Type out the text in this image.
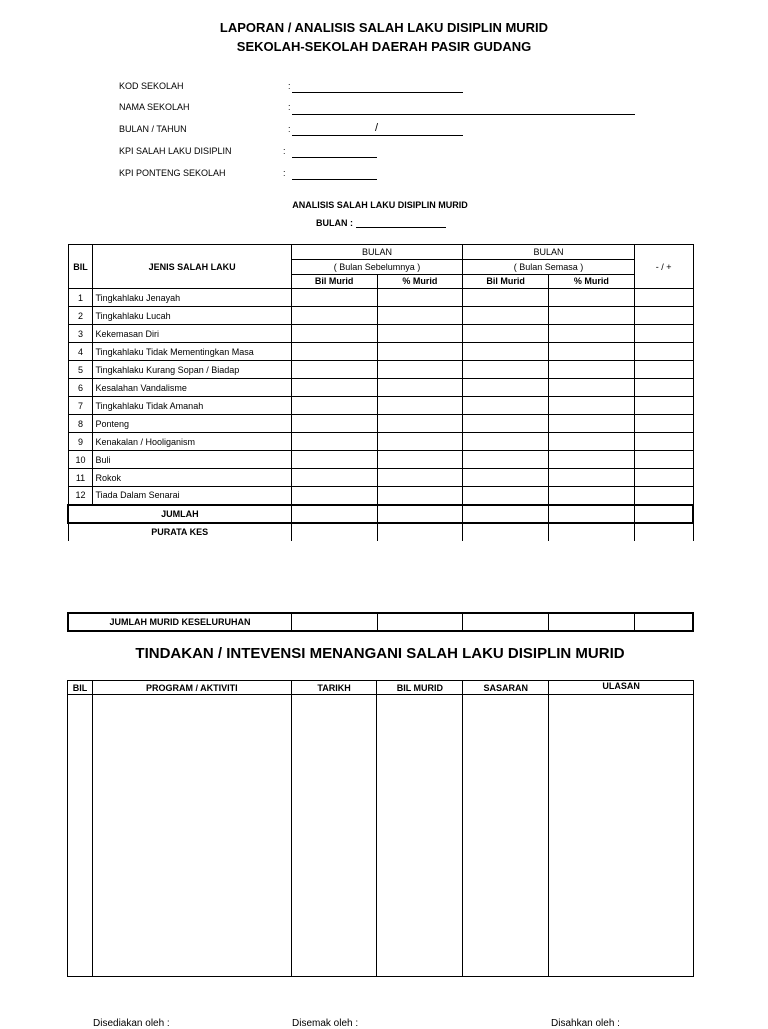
LAPORAN / ANALISIS SALAH LAKU DISIPLIN MURID
SEKOLAH-SEKOLAH DAERAH PASIR GUDANG
KOD SEKOLAH	:
NAMA SEKOLAH	:
BULAN / TAHUN	:	/
KPI SALAH LAKU DISIPLIN	:
KPI PONTENG SEKOLAH	:
ANALISIS SALAH LAKU DISIPLIN MURID
BULAN :
BIL	JENIS SALAH LAKU	BULAN		BULAN		- / +
		( Bulan Sebelumnya )		( Bulan Semasa )		
		Bil Murid	% Murid	Bil Murid	% Murid	
1	Tingkahlaku Jenayah					
2	Tingkahlaku Lucah					
3	Kekemasan Diri					
4	Tingkahlaku Tidak Mementingkan Masa					
5	Tingkahlaku Kurang Sopan / Biadap					
6	Kesalahan Vandalisme					
7	Tingkahlaku Tidak Amanah					
8	Ponteng					
9	Kenakalan / Hooliganism					
10	Buli					
11	Rokok					
12	Tiada Dalam Senarai					
JUMLAH						
PURATA KES						
JUMLAH MURID KESELURUHAN					
TINDAKAN / INTEVENSI MENANGANI SALAH LAKU DISIPLIN MURID
BIL	PROGRAM / AKTIVITI	TARIKH	BIL MURID	SASARAN	ULASAN

Disediakan oleh :	Disemak oleh :	Disahkan oleh :
